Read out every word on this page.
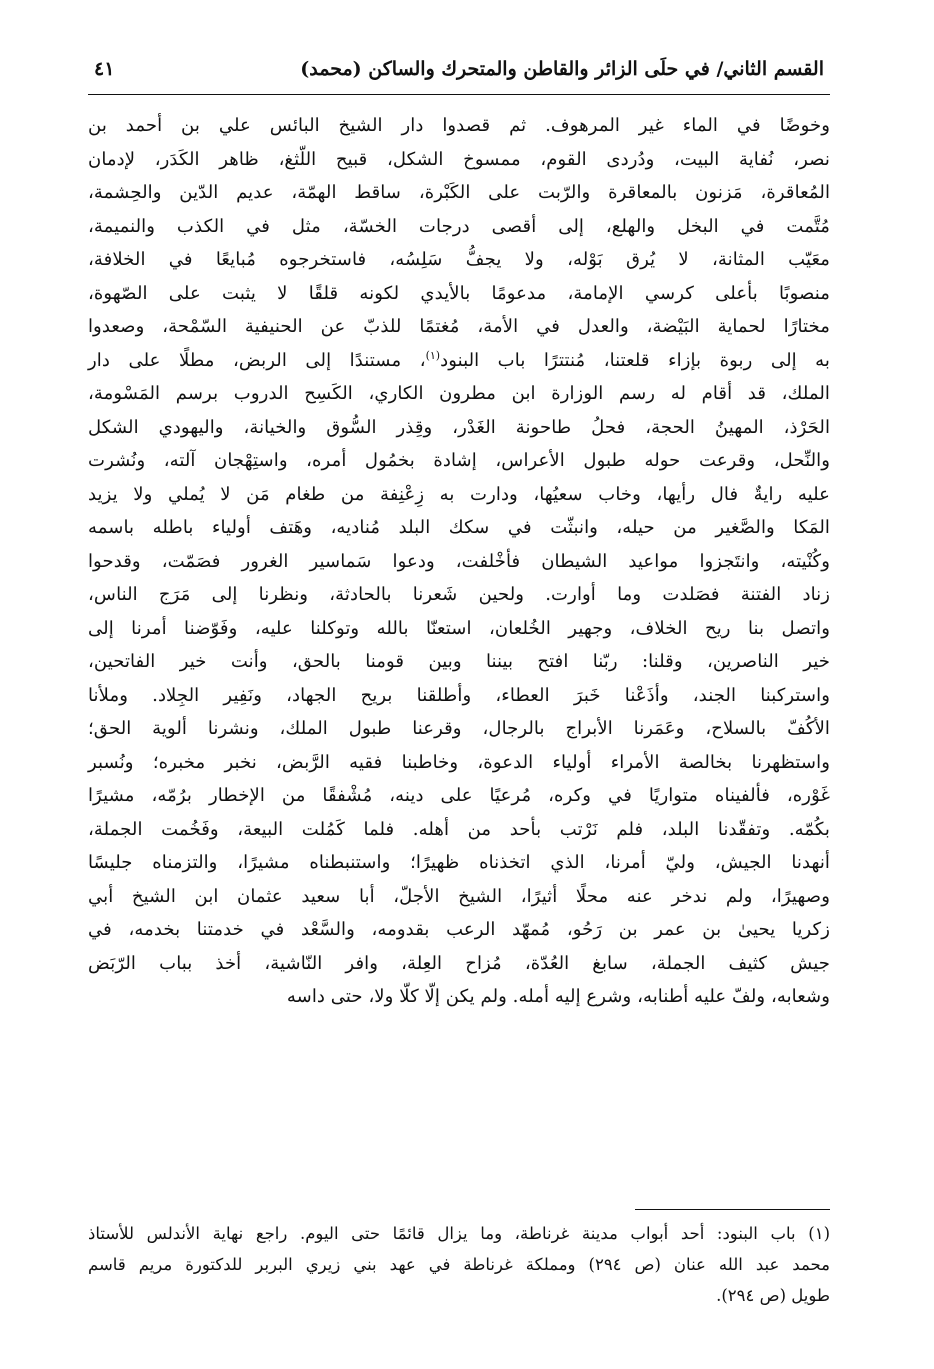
القسم الثاني/ في حلَى الزائر والقاطن والمتحرك والساكن (محمد)
٤١
وخوضًا في الماء غير المرهوف. ثم قصدوا دار الشيخ البائس علي بن أحمد بن
نصر، نُفاية البيت، ودُردى القوم، ممسوخ الشكل، قبيح اللّثغ، ظاهر الكَدَر، لإدمان
المُعاقرة، مَزنون بالمعاقرة والرّبت على الكَبْرة، ساقط الهمّة، عديم الدّين والحِشمة،
مُتَّمت في البخل والهلع، إلى أقصى درجات الخسّة، مثل في الكذب والنميمة،
معَيّب المثانة، لا يُرق بَوْله، ولا يجفُّ سَلِسُه، فاستخرجوه مُبايعًا في الخلافة،
منصوبًا بأعلى كرسي الإمامة، مدعومًا بالأيدي لكونه قلقًا لا يثبت على الصّهوة،
مختارًا لحماية البَيْضة، والعدل في الأمة، مُغتمًا للذبّ عن الحنيفية السّمْحة، وصعدوا
به إلى ربوة بإزاء قلعتنا، مُنتترًا باب البنود$^{(١)}$، مستندًا إلى الربض، مطلًا على دار
الملك، قد أقام له رسم الوزارة ابن مطرون الكاري، الكَسِح الدروب برسم المَسْومة،
الحَرْذ، المهينُ الحجة، فحلُ طاحونة الغَدْر، وقِذر السُّوق والخيانة، واليهودي الشكل
والنِّحل، وقرعت حوله طبول الأعراس، إشادة بخمُول أمره، واستِهْجان آلته، ونُشرت
عليه رايةٌ فال رأيها، وخاب سعيُها، ودارت به زِعْنِفة من طغام مَن لا يُملي ولا يزيد
المَكا والصَّغير من حيله، وانبثّت في سكك البلد مُناديه، وهَتف أولياء باطله باسمه
وكُنْيته، وانتَجزوا مواعيد الشيطان فأخْلفت، ودعوا سَماسير الغرور فصَمّت، وقدحوا
زناد الفتنة فصَلدت وما أوارت. ولحين شَعرنا بالحادثة، ونظرنا إلى مَرَج الناس،
واتصل بنا ريح الخلاف، وجهير الخُلعان، استعنّا بالله وتوكلنا عليه، وفَوّضنا أمرنا إلى
خير الناصرين، وقلنا: ربّنا افتح بيننا وبين قومنا بالحق، وأنت خير الفاتحين،
واستركبنا الجند، وأذَعْنا خَبرَ العطاء، وأطلقنا بريح الجهاد، ونَفِير الجِلاد. وملأنا
الأكُفّ بالسلاح، وعَمَرنا الأبراج بالرجال، وقرعنا طبول الملك، ونشرنا ألوية الحق؛
واستظهرنا بخالصة الأمراء أولياء الدعوة، وخاطبنا فقيه الرَّبض، نخبر مخبره؛ ونُسبر
غَوْره، فألفيناه متواريًا في وكره، مُرعيًا على دينه، مُشْفقًا من الإخطار برُمّه، مشيرًا
بكُمّه. وتفقّدنا البلد، فلم نَرْتب بأحد من أهله. فلما كَمُلت البيعة، وفَخُمت الجملة،
أنهدنا الجيش، وليّ أمرنا، الذي اتخذناه ظهيرًا؛ واستنبطناه مشيرًا، والتزمناه جليسًا
وصهيرًا، ولم ندخر عنه محلًا أثيرًا، الشيخ الأجلّ، أبا سعيد عثمان ابن الشيخ أبي
زكريا يحيىٰ بن عمر بن رَحُو، مُمهّد الرعب بقدومه، والسَّعْد في خدمتنا بخدمه، في
جيش كثيف الجملة، سابغ العُدّة، مُزاح العِلة، وافر النّاشية، أخذ بباب الرّبَض
وشعابه، ولفّ عليه أطنابه، وشرع إليه أمله. ولم يكن إلّا كلّا ولا، حتى داسه
(١) باب البنود: أحد أبواب مدينة غرناطة، وما يزال قائمًا حتى اليوم. راجع نهاية الأندلس للأستاذ
محمد عبد الله عنان (ص ٢٩٤) ومملكة غرناطة في عهد بني زيري البربر للدكتورة مريم قاسم
طويل (ص ٢٩٤).
